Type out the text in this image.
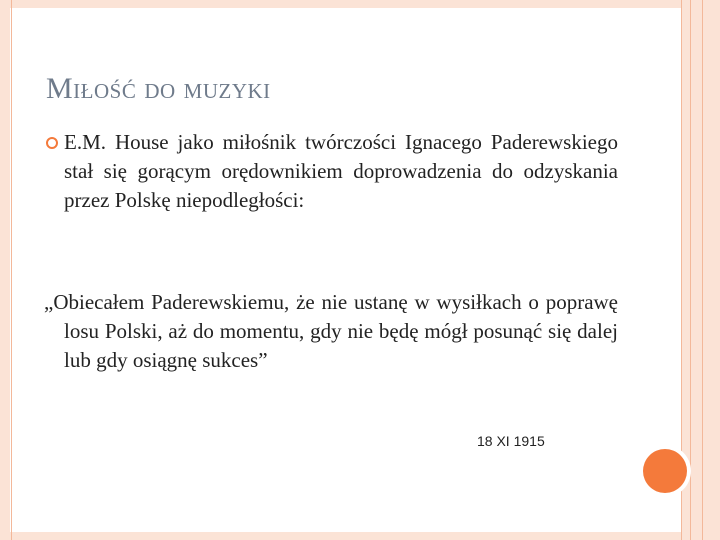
Miłość do muzyki
E.M. House jako miłośnik twórczości Ignacego Paderewskiego stał się gorącym orędownikiem doprowadzenia do odzyskania przez Polskę niepodległości:
„Obiecałem Paderewskiemu, że nie ustanę w wysiłkach o poprawę losu Polski, aż do momentu, gdy nie będę mógł posunąć się dalej lub gdy osiągnę sukces”
18 XI 1915
